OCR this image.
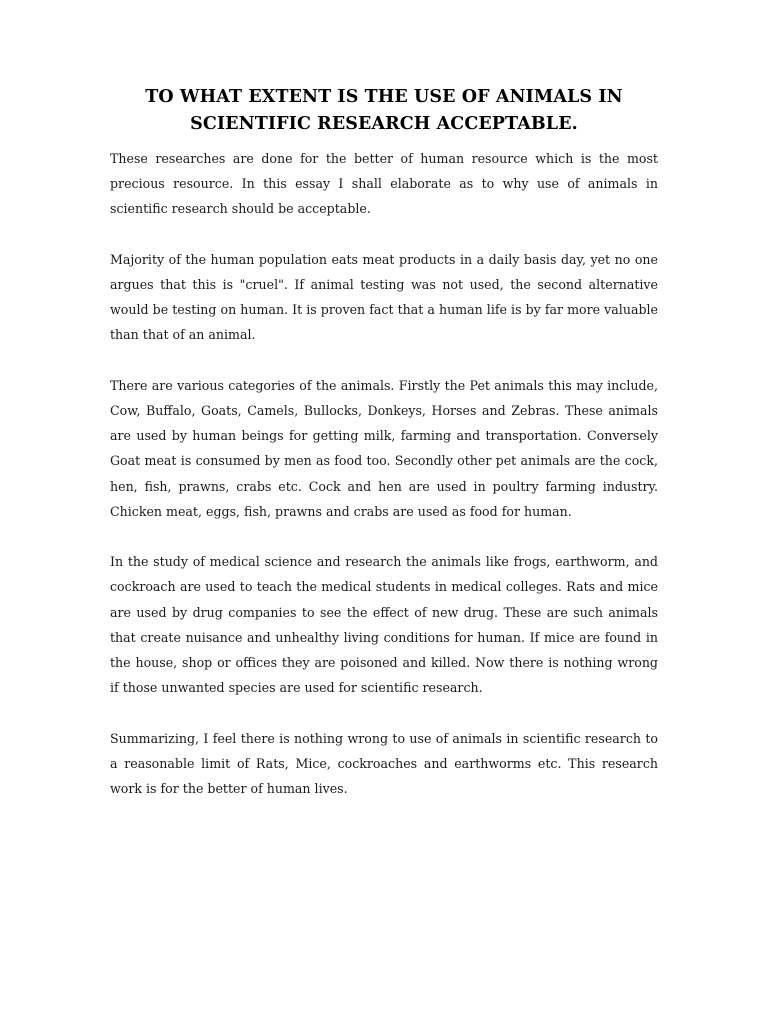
TO WHAT EXTENT IS THE USE OF ANIMALS IN
SCIENTIFIC RESEARCH ACCEPTABLE.

These researches are done for the better of human resource which is the most precious resource. In this essay I shall elaborate as to why use of animals in scientific research should be acceptable.

Majority of the human population eats meat products in a daily basis day, yet no one argues that this is "cruel". If animal testing was not used, the second alternative would be testing on human. It is proven fact that a human life is by far more valuable than that of an animal.

There are various categories of the animals. Firstly the Pet animals this may include, Cow, Buffalo, Goats, Camels, Bullocks, Donkeys, Horses and Zebras. These animals are used by human beings for getting milk, farming and transportation. Conversely Goat meat is consumed by men as food too. Secondly other pet animals are the cock, hen, fish, prawns, crabs etc. Cock and hen are used in poultry farming industry. Chicken meat, eggs, fish, prawns and crabs are used as food for human.

In the study of medical science and research the animals like frogs, earthworm, and cockroach are used to teach the medical students in medical colleges. Rats and mice are used by drug companies to see the effect of new drug. These are such animals that create nuisance and unhealthy living conditions for human. If mice are found in the house, shop or offices they are poisoned and killed. Now there is nothing wrong if those unwanted species are used for scientific research.

Summarizing, I feel there is nothing wrong to use of animals in scientific research to a reasonable limit of Rats, Mice, cockroaches and earthworms etc. This research work is for the better of human lives.
